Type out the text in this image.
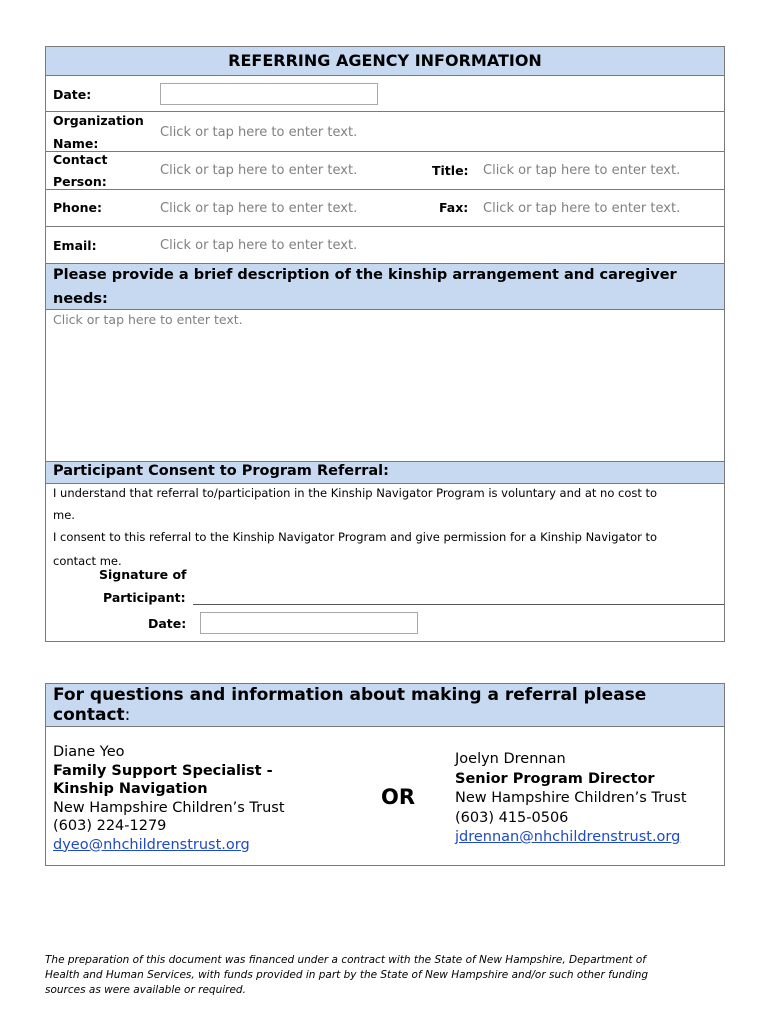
REFERRING AGENCY INFORMATION
Date:
Organization
Name:
Click or tap here to enter text.
Contact
Person:
Click or tap here to enter text.	Title: Click or tap here to enter text.
Phone:	Click or tap here to enter text.	Fax: Click or tap here to enter text.
Email:	Click or tap here to enter text.
Please provide a brief description of the kinship arrangement and caregiver
needs:
Click or tap here to enter text.
Participant Consent to Program Referral:
I understand that referral to/participation in the Kinship Navigator Program is voluntary and at no cost to
me.
I consent to this referral to the Kinship Navigator Program and give permission for a Kinship Navigator to
contact me.
Signature of
Participant:
Date:
For questions and information about making a referral please
contact:
Diane Yeo
Family Support Specialist -
Kinship Navigation
New Hampshire Children’s Trust
(603) 224-1279
dyeo@nhchildrenstrust.org
OR
Joelyn Drennan
Senior Program Director
New Hampshire Children’s Trust
(603) 415-0506
jdrennan@nhchildrenstrust.org
The preparation of this document was financed under a contract with the State of New Hampshire, Department of
Health and Human Services, with funds provided in part by the State of New Hampshire and/or such other funding
sources as were available or required.
